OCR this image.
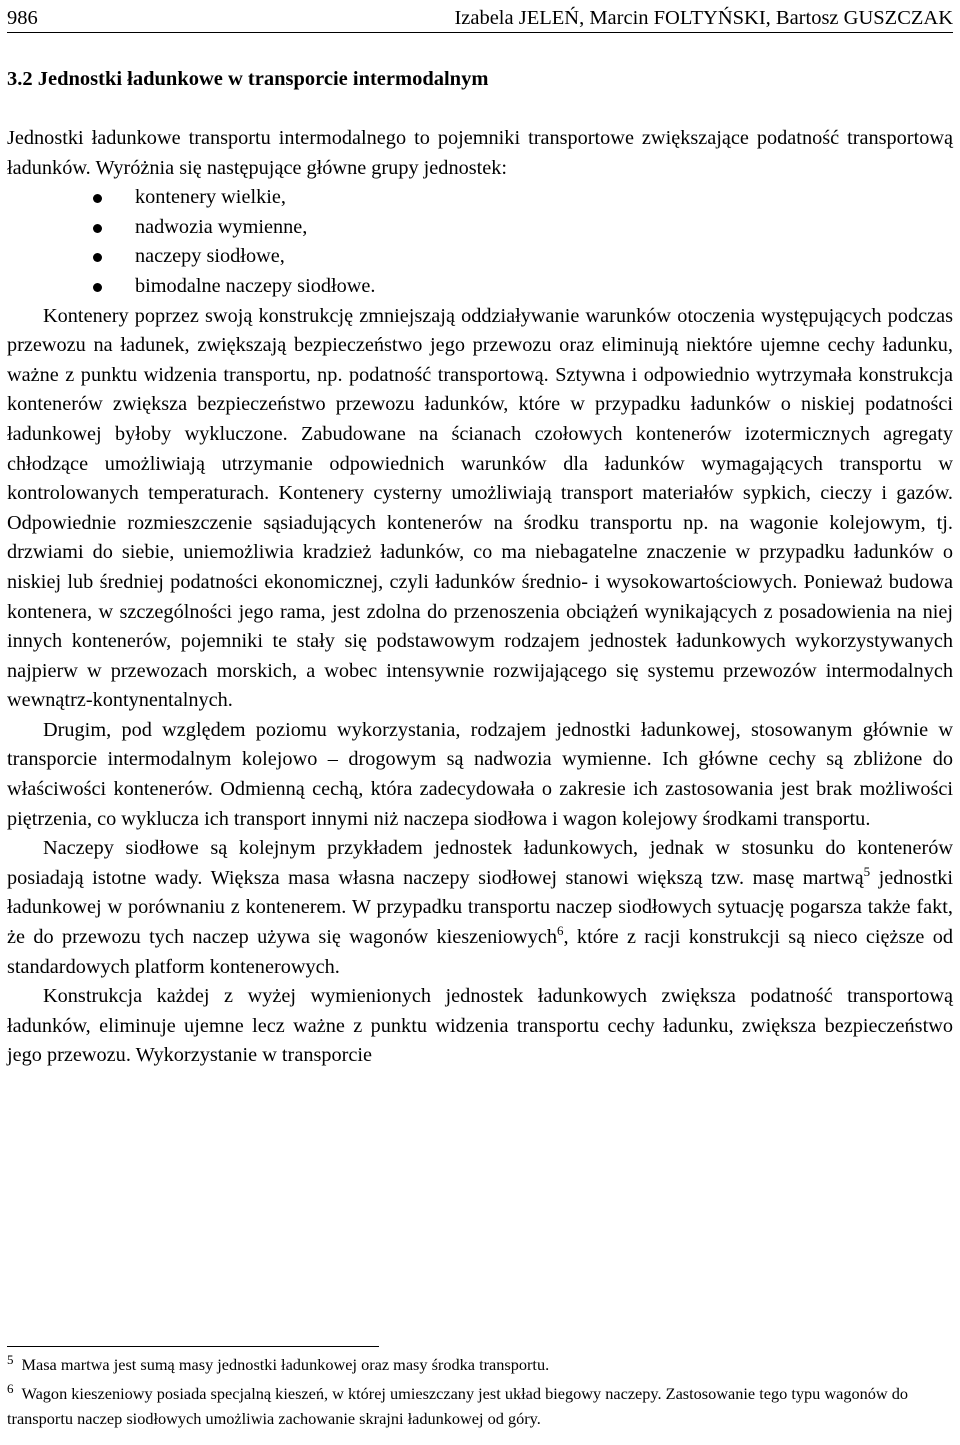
986	Izabela JELEŃ, Marcin FOLTYŃSKI, Bartosz GUSZCZAK
3.2 Jednostki ładunkowe w transporcie intermodalnym

Jednostki ładunkowe transportu intermodalnego to pojemniki transportowe zwiększające podatność transportową ładunków. Wyróżnia się następujące główne grupy jednostek:

kontenery wielkie,
nadwozia wymienne,
naczepy siodłowe,
bimodalne naczepy siodłowe.

Kontenery poprzez swoją konstrukcję zmniejszają oddziaływanie warunków otoczenia występujących podczas przewozu na ładunek, zwiększają bezpieczeństwo jego przewozu oraz eliminują niektóre ujemne cechy ładunku, ważne z punktu widzenia transportu, np. podatność transportową. Sztywna i odpowiednio wytrzymała konstrukcja kontenerów zwiększa bezpieczeństwo przewozu ładunków, które w przypadku ładunków o niskiej podatności ładunkowej byłoby wykluczone. Zabudowane na ścianach czołowych kontenerów izotermicznych agregaty chłodzące umożliwiają utrzymanie odpowiednich warunków dla ładunków wymagających transportu w kontrolowanych temperaturach. Kontenery cysterny umożliwiają transport materiałów sypkich, cieczy i gazów. Odpowiednie rozmieszczenie sąsiadujących kontenerów na środku transportu np. na wagonie kolejowym, tj. drzwiami do siebie, uniemożliwia kradzież ładunków, co ma niebagatelne znaczenie w przypadku ładunków o niskiej lub średniej podatności ekonomicznej, czyli ładunków średnio- i wysokowartościowych. Ponieważ budowa kontenera, w szczególności jego rama, jest zdolna do przenoszenia obciążeń wynikających z posadowienia na niej innych kontenerów, pojemniki te stały się podstawowym rodzajem jednostek ładunkowych wykorzystywanych najpierw w przewozach morskich, a wobec intensywnie rozwijającego się systemu przewozów intermodalnych wewnątrz-kontynentalnych.

Drugim, pod względem poziomu wykorzystania, rodzajem jednostki ładunkowej, stosowanym głównie w transporcie intermodalnym kolejowo – drogowym są nadwozia wymienne. Ich główne cechy są zbliżone do właściwości kontenerów. Odmienną cechą, która zadecydowała o zakresie ich zastosowania jest brak możliwości piętrzenia, co wyklucza ich transport innymi niż naczepa siodłowa i wagon kolejowy środkami transportu.

Naczepy siodłowe są kolejnym przykładem jednostek ładunkowych, jednak w stosunku do kontenerów posiadają istotne wady. Większa masa własna naczepy siodłowej stanowi większą tzw. masę martwą$^5$ jednostki ładunkowej w porównaniu z kontenerem. W przypadku transportu naczep siodłowych sytuację pogarsza także fakt, że do przewozu tych naczep używa się wagonów kieszeniowych$^6$, które z racji konstrukcji są nieco cięższe od standardowych platform kontenerowych.

Konstrukcja każdej z wyżej wymienionych jednostek ładunkowych zwiększa podatność transportową ładunków, eliminuje ujemne lecz ważne z punktu widzenia transportu cechy ładunku, zwiększa bezpieczeństwo jego przewozu. Wykorzystanie w transporcie

$^5$ Masa martwa jest sumą masy jednostki ładunkowej oraz masy środka transportu.

$^6$ Wagon kieszeniowy posiada specjalną kieszeń, w której umieszczany jest układ biegowy naczepy. Zastosowanie tego typu wagonów do transportu naczep siodłowych umożliwia zachowanie skrajni ładunkowej od góry.
